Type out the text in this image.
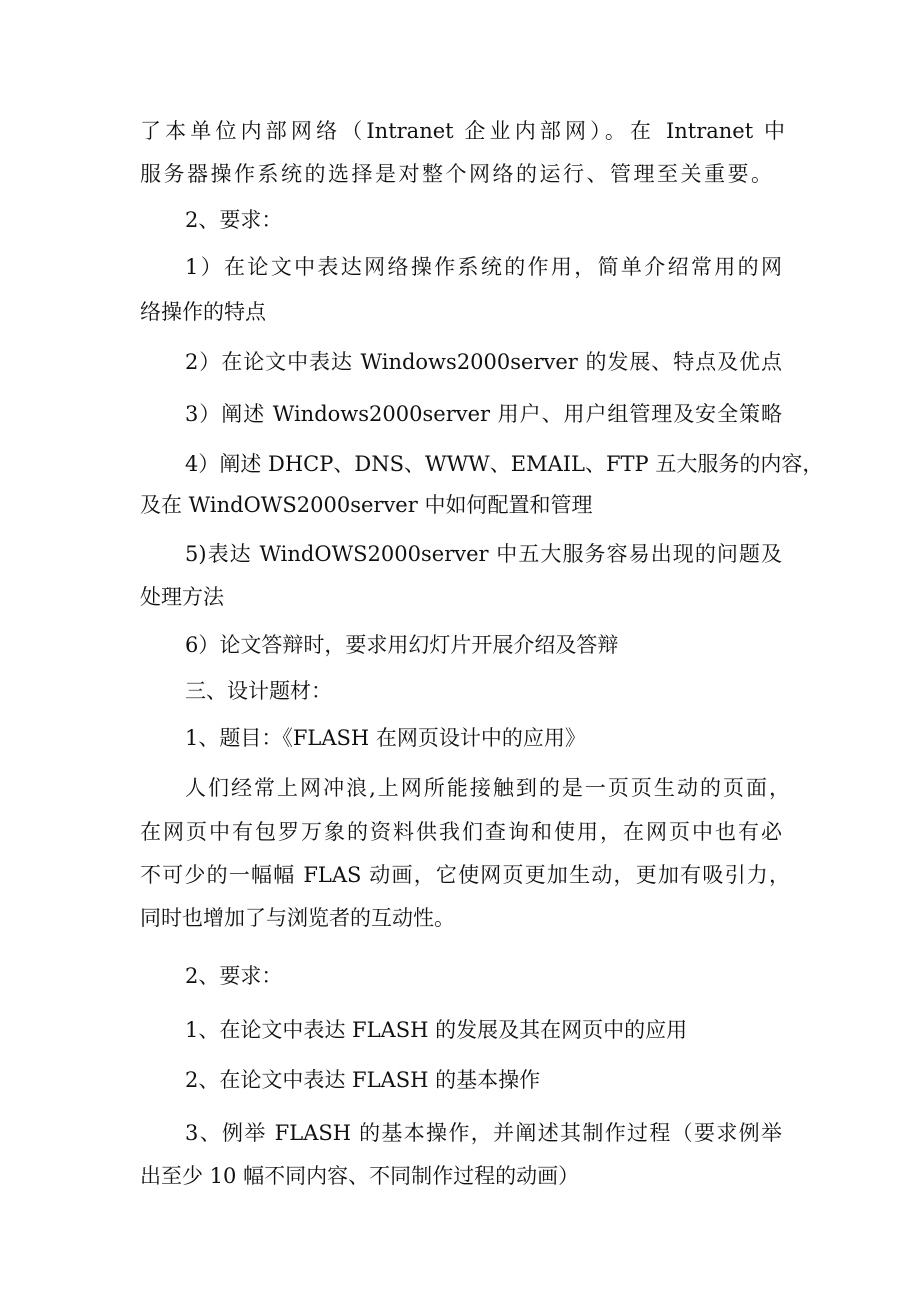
了本单位内部网络（Intranet 企业内部网）。在 Intranet 中
服务器操作系统的选择是对整个网络的运行、管理至关重要。
2、要求：
1）在论文中表达网络操作系统的作用，简单介绍常用的网
络操作的特点
2）在论文中表达 Windows2000server 的发展、特点及优点
3）阐述 Windows2000server 用户、用户组管理及安全策略
4）阐述 DHCP、DNS、WWW、EMAIL、FTP 五大服务的内容，
及在 WindOWS2000server 中如何配置和管理
5)表达 WindOWS2000server 中五大服务容易出现的问题及
处理方法
6）论文答辩时，要求用幻灯片开展介绍及答辩
三、设计题材：
1、题目：《FLASH 在网页设计中的应用》
人们经常上网冲浪,上网所能接触到的是一页页生动的页面，
在网页中有包罗万象的资料供我们查询和使用，在网页中也有必
不可少的一幅幅 FLAS 动画，它使网页更加生动，更加有吸引力，
同时也增加了与浏览者的互动性。
2、要求：
1、在论文中表达 FLASH 的发展及其在网页中的应用
2、在论文中表达 FLASH 的基本操作
3、例举 FLASH 的基本操作，并阐述其制作过程（要求例举
出至少 10 幅不同内容、不同制作过程的动画）
